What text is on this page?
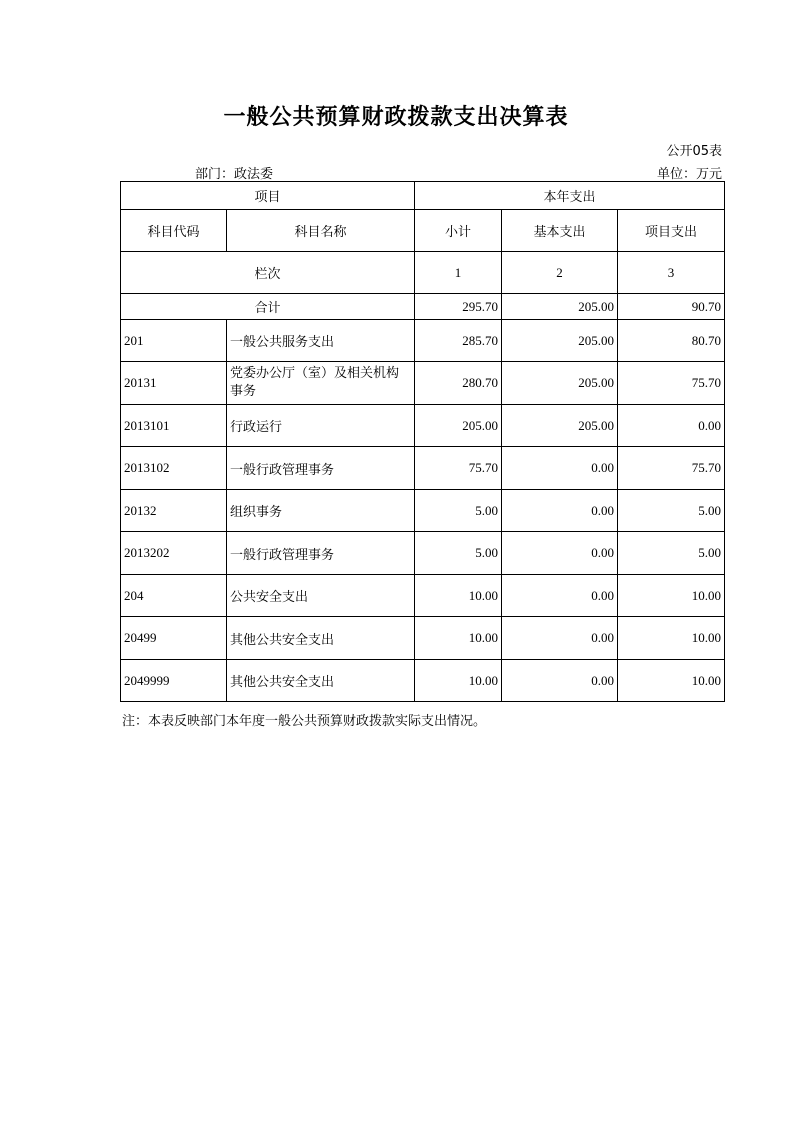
一般公共预算财政拨款支出决算表
公开05表
部门：政法委	单位：万元
项目		本年支出		
科目代码	科目名称	小计	基本支出	项目支出
栏次		1	2	3
合计		295.70	205.00	90.70
201	一般公共服务支出	285.70	205.00	80.70
20131	党委办公厅（室）及相关机构事务	280.70	205.00	75.70
2013101	行政运行	205.00	205.00	0.00
2013102	一般行政管理事务	75.70	0.00	75.70
20132	组织事务	5.00	0.00	5.00
2013202	一般行政管理事务	5.00	0.00	5.00
204	公共安全支出	10.00	0.00	10.00
20499	其他公共安全支出	10.00	0.00	10.00
2049999	其他公共安全支出	10.00	0.00	10.00
注：本表反映部门本年度一般公共预算财政拨款实际支出情况。
